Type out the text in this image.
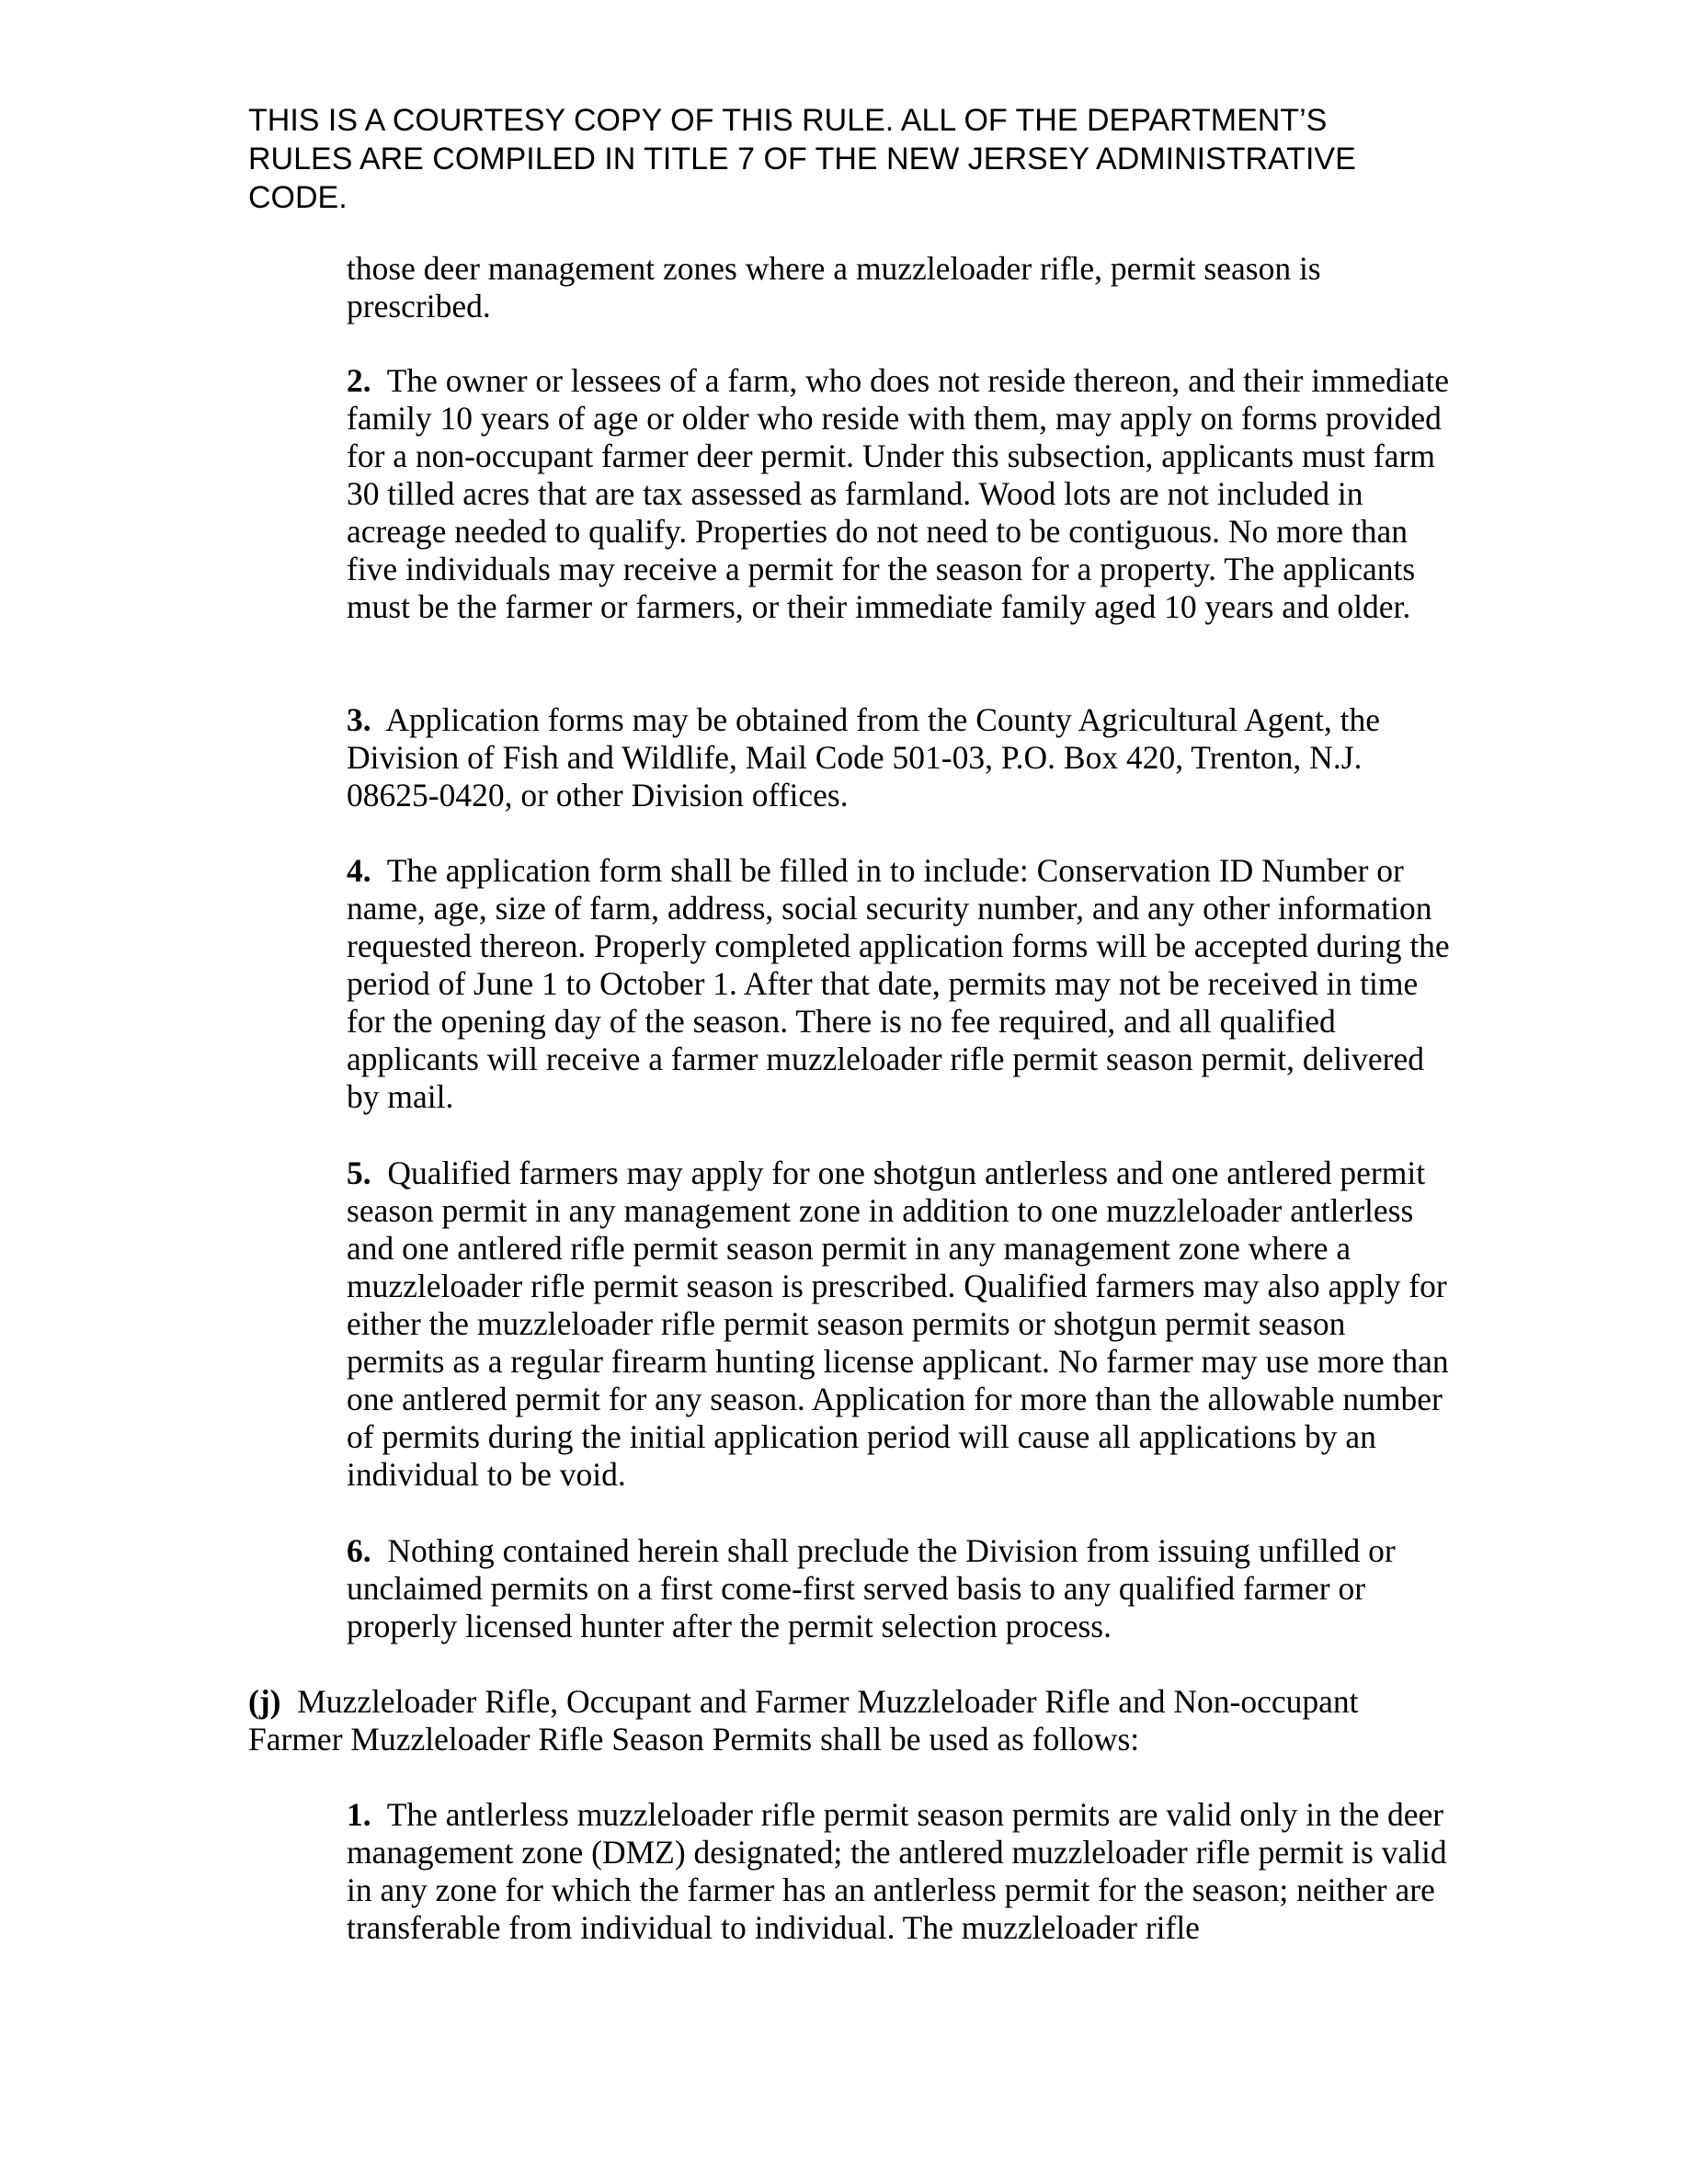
THIS IS A COURTESY COPY OF THIS RULE. ALL OF THE DEPARTMENT’S
RULES ARE COMPILED IN TITLE 7 OF THE NEW JERSEY ADMINISTRATIVE
CODE.

those deer management zones where a muzzleloader rifle, permit season is prescribed.

2. The owner or lessees of a farm, who does not reside thereon, and their immediate family 10 years of age or older who reside with them, may apply on forms provided for a non-occupant farmer deer permit. Under this subsection, applicants must farm 30 tilled acres that are tax assessed as farmland. Wood lots are not included in acreage needed to qualify. Properties do not need to be contiguous. No more than five individuals may receive a permit for the season for a property. The applicants must be the farmer or farmers, or their immediate family aged 10 years and older.

3. Application forms may be obtained from the County Agricultural Agent, the Division of Fish and Wildlife, Mail Code 501-03, P.O. Box 420, Trenton, N.J. 08625-0420, or other Division offices.

4. The application form shall be filled in to include: Conservation ID Number or name, age, size of farm, address, social security number, and any other information requested thereon. Properly completed application forms will be accepted during the period of June 1 to October 1. After that date, permits may not be received in time for the opening day of the season. There is no fee required, and all qualified applicants will receive a farmer muzzleloader rifle permit season permit, delivered by mail.

5. Qualified farmers may apply for one shotgun antlerless and one antlered permit season permit in any management zone in addition to one muzzleloader antlerless and one antlered rifle permit season permit in any management zone where a muzzleloader rifle permit season is prescribed. Qualified farmers may also apply for either the muzzleloader rifle permit season permits or shotgun permit season permits as a regular firearm hunting license applicant. No farmer may use more than one antlered permit for any season. Application for more than the allowable number of permits during the initial application period will cause all applications by an individual to be void.

6. Nothing contained herein shall preclude the Division from issuing unfilled or unclaimed permits on a first come-first served basis to any qualified farmer or properly licensed hunter after the permit selection process.

(j) Muzzleloader Rifle, Occupant and Farmer Muzzleloader Rifle and Non-occupant Farmer Muzzleloader Rifle Season Permits shall be used as follows:

1. The antlerless muzzleloader rifle permit season permits are valid only in the deer management zone (DMZ) designated; the antlered muzzleloader rifle permit is valid in any zone for which the farmer has an antlerless permit for the season; neither are transferable from individual to individual. The muzzleloader rifle
